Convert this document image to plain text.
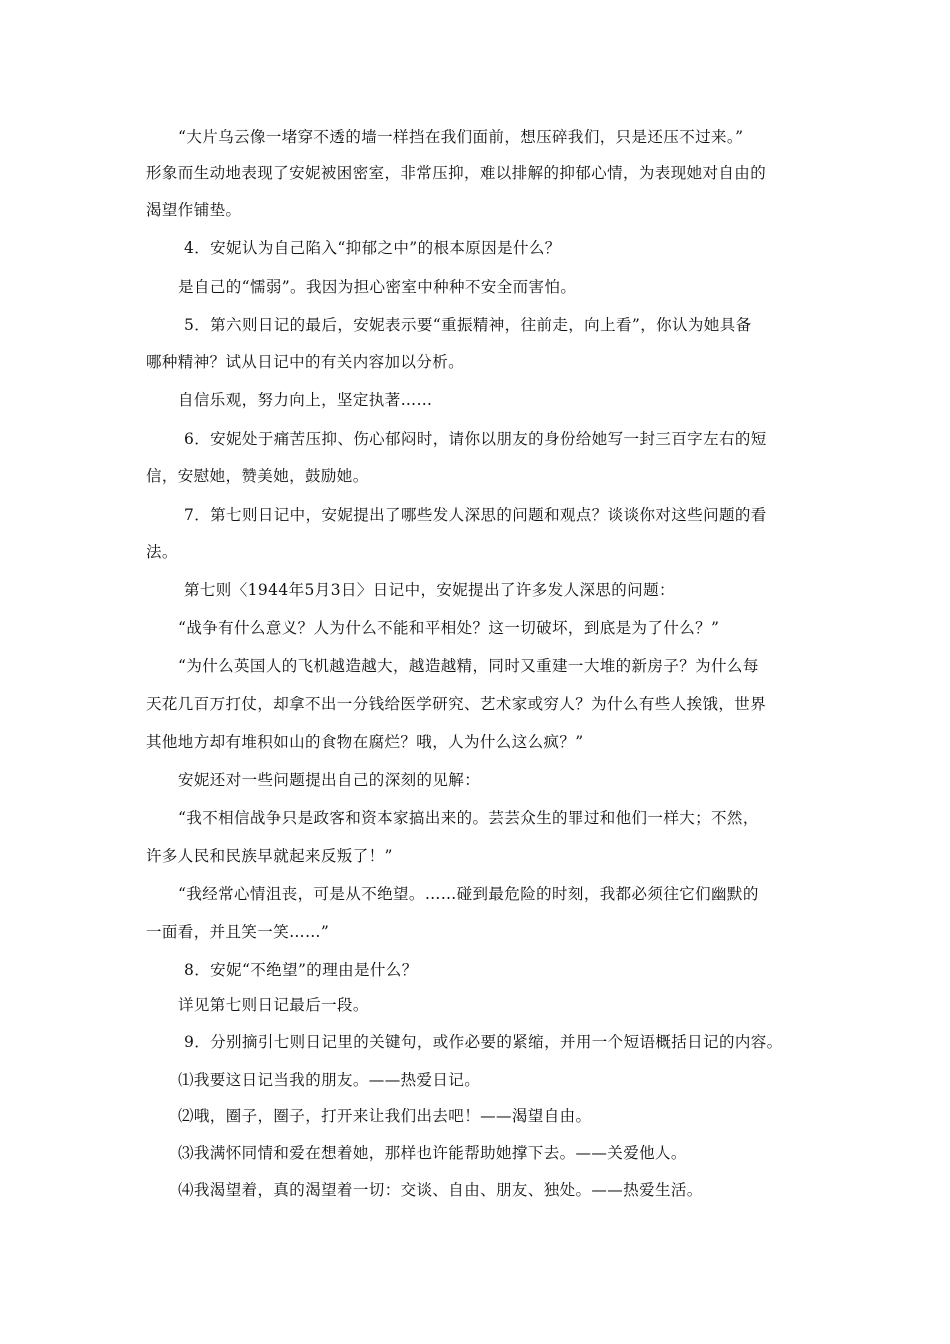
“大片乌云像一堵穿不透的墙一样挡在我们面前，想压碎我们，只是还压不过来。”
形象而生动地表现了安妮被困密室，非常压抑，难以排解的抑郁心情，为表现她对自由的
渴望作铺垫。
4．安妮认为自己陷入“抑郁之中”的根本原因是什么？
是自己的“懦弱”。我因为担心密室中种种不安全而害怕。
5．第六则日记的最后，安妮表示要“重振精神，往前走，向上看”，你认为她具备
哪种精神？试从日记中的有关内容加以分析。
自信乐观，努力向上，坚定执著……
6．安妮处于痛苦压抑、伤心郁闷时，请你以朋友的身份给她写一封三百字左右的短
信，安慰她，赞美她，鼓励她。
7．第七则日记中，安妮提出了哪些发人深思的问题和观点？谈谈你对这些问题的看
法。
第七则〈1944年5月3日〉日记中，安妮提出了许多发人深思的问题：
“战争有什么意义？人为什么不能和平相处？这一切破坏，到底是为了什么？”
“为什么英国人的飞机越造越大，越造越精，同时又重建一大堆的新房子？为什么每
天花几百万打仗，却拿不出一分钱给医学研究、艺术家或穷人？为什么有些人挨饿，世界
其他地方却有堆积如山的食物在腐烂？哦，人为什么这么疯？”
安妮还对一些问题提出自己的深刻的见解：
“我不相信战争只是政客和资本家搞出来的。芸芸众生的罪过和他们一样大；不然，
许多人民和民族早就起来反叛了！”
“我经常心情沮丧，可是从不绝望。……碰到最危险的时刻，我都必须往它们幽默的
一面看，并且笑一笑……”
8．安妮“不绝望”的理由是什么？
详见第七则日记最后一段。
9．分别摘引七则日记里的关键句，或作必要的紧缩，并用一个短语概括日记的内容。
⑴我要这日记当我的朋友。——热爱日记。
⑵哦，圈子，圈子，打开来让我们出去吧！——渴望自由。
⑶我满怀同情和爱在想着她，那样也许能帮助她撑下去。——关爱他人。
⑷我渴望着，真的渴望着一切：交谈、自由、朋友、独处。——热爱生活。
